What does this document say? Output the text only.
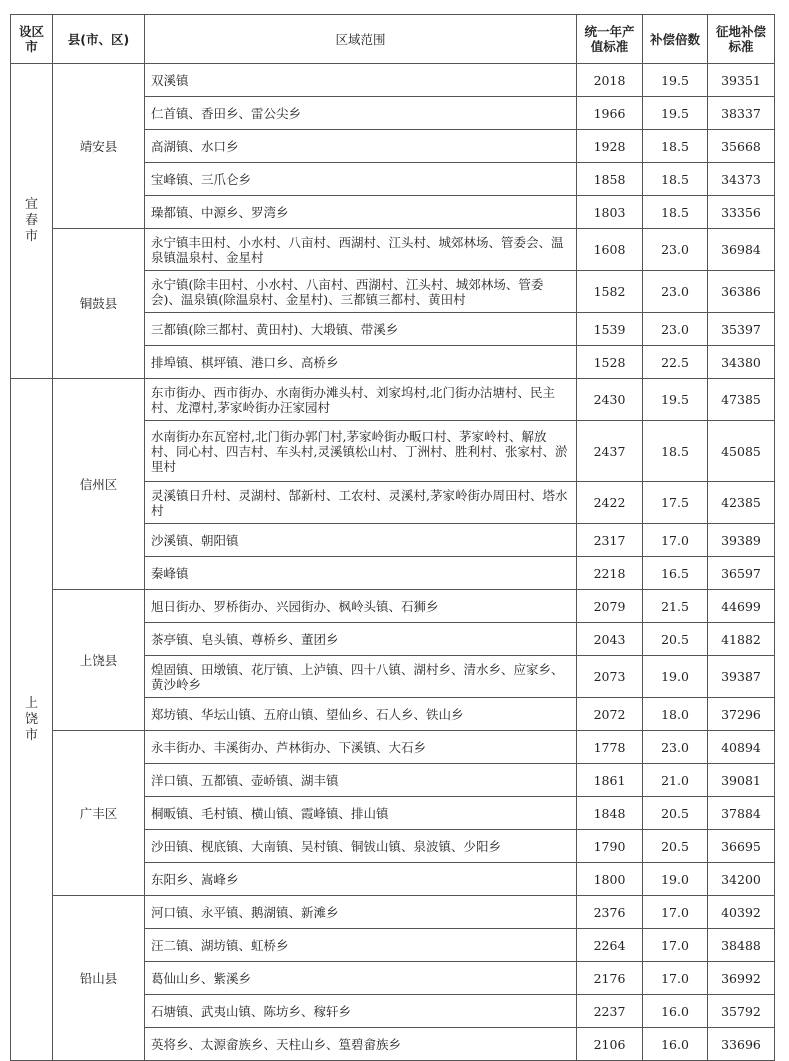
设区市	县(市、区)	区域范围	统一年产值标准	补偿倍数	征地补偿标准
宜春市	靖安县	双溪镇	2018	19.5	39351
		仁首镇、香田乡、雷公尖乡	1966	19.5	38337
		高湖镇、水口乡	1928	18.5	35668
		宝峰镇、三爪仑乡	1858	18.5	34373
		璪都镇、中源乡、罗湾乡	1803	18.5	33356
	铜鼓县	永宁镇丰田村、小水村、八亩村、西湖村、江头村、城郊林场、管委会、温泉镇温泉村、金星村	1608	23.0	36984
		永宁镇(除丰田村、小水村、八亩村、西湖村、江头村、城郊林场、管委会)、温泉镇(除温泉村、金星村)、三都镇三都村、黄田村	1582	23.0	36386
		三都镇(除三都村、黄田村)、大塅镇、带溪乡	1539	23.0	35397
		排埠镇、棋坪镇、港口乡、高桥乡	1528	22.5	34380
上饶市	信州区	东市街办、西市街办、水南街办滩头村、刘家坞村,北门街办沽塘村、民主村、龙潭村,茅家岭街办汪家园村	2430	19.5	47385
		水南街办东瓦窑村,北门街办郭门村,茅家岭街办畈口村、茅家岭村、解放村、同心村、四吉村、车头村,灵溪镇松山村、丁洲村、胜利村、张家村、淤里村	2437	18.5	45085
		灵溪镇日升村、灵湖村、郜新村、工农村、灵溪村,茅家岭街办周田村、塔水村	2422	17.5	42385
		沙溪镇、朝阳镇	2317	17.0	39389
		秦峰镇	2218	16.5	36597
	上饶县	旭日街办、罗桥街办、兴园街办、枫岭头镇、石狮乡	2079	21.5	44699
		茶亭镇、皂头镇、尊桥乡、董团乡	2043	20.5	41882
		煌固镇、田墩镇、花厅镇、上泸镇、四十八镇、湖村乡、清水乡、应家乡、黄沙岭乡	2073	19.0	39387
		郑坊镇、华坛山镇、五府山镇、望仙乡、石人乡、铁山乡	2072	18.0	37296
	广丰区	永丰街办、丰溪街办、芦林街办、下溪镇、大石乡	1778	23.0	40894
		洋口镇、五都镇、壶峤镇、湖丰镇	1861	21.0	39081
		桐畈镇、毛村镇、横山镇、霞峰镇、排山镇	1848	20.5	37884
		沙田镇、枧底镇、大南镇、吴村镇、铜钹山镇、泉波镇、少阳乡	1790	20.5	36695
		东阳乡、嵩峰乡	1800	19.0	34200
	铅山县	河口镇、永平镇、鹅湖镇、新滩乡	2376	17.0	40392
		汪二镇、湖坊镇、虹桥乡	2264	17.0	38488
		葛仙山乡、紫溪乡	2176	17.0	36992
		石塘镇、武夷山镇、陈坊乡、稼轩乡	2237	16.0	35792
		英将乡、太源畲族乡、天柱山乡、篁碧畲族乡	2106	16.0	33696
